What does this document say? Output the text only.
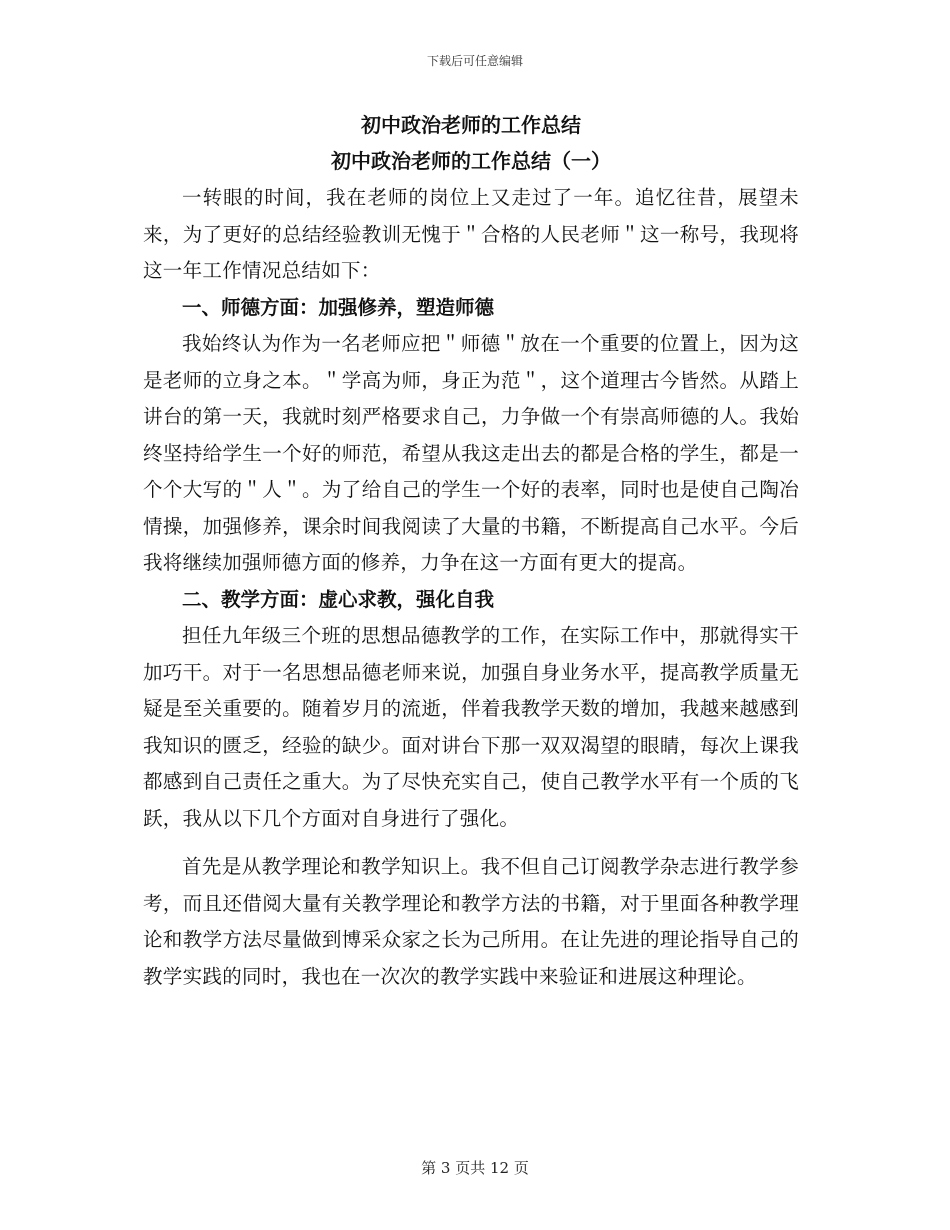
下载后可任意编辑
初中政治老师的工作总结
初中政治老师的工作总结（一）

一转眼的时间，我在老师的岗位上又走过了一年。追忆往昔，展望未来，为了更好的总结经验教训无愧于＂合格的人民老师＂这一称号，我现将这一年工作情况总结如下：

一、师德方面：加强修养，塑造师德

我始终认为作为一名老师应把＂师德＂放在一个重要的位置上，因为这是老师的立身之本。＂学高为师，身正为范＂，这个道理古今皆然。从踏上讲台的第一天，我就时刻严格要求自己，力争做一个有崇高师德的人。我始终坚持给学生一个好的师范，希望从我这走出去的都是合格的学生，都是一个个大写的＂人＂。为了给自己的学生一个好的表率，同时也是使自己陶冶情操，加强修养，课余时间我阅读了大量的书籍，不断提高自己水平。今后我将继续加强师德方面的修养，力争在这一方面有更大的提高。

二、教学方面：虚心求教，强化自我

担任九年级三个班的思想品德教学的工作，在实际工作中，那就得实干加巧干。对于一名思想品德老师来说，加强自身业务水平，提高教学质量无疑是至关重要的。随着岁月的流逝，伴着我教学天数的增加，我越来越感到我知识的匮乏，经验的缺少。面对讲台下那一双双渴望的眼睛，每次上课我都感到自己责任之重大。为了尽快充实自己，使自己教学水平有一个质的飞跃，我从以下几个方面对自身进行了强化。

首先是从教学理论和教学知识上。我不但自己订阅教学杂志进行教学参考，而且还借阅大量有关教学理论和教学方法的书籍，对于里面各种教学理论和教学方法尽量做到博采众家之长为己所用。在让先进的理论指导自己的教学实践的同时，我也在一次次的教学实践中来验证和进展这种理论。

第 3 页共 12 页
